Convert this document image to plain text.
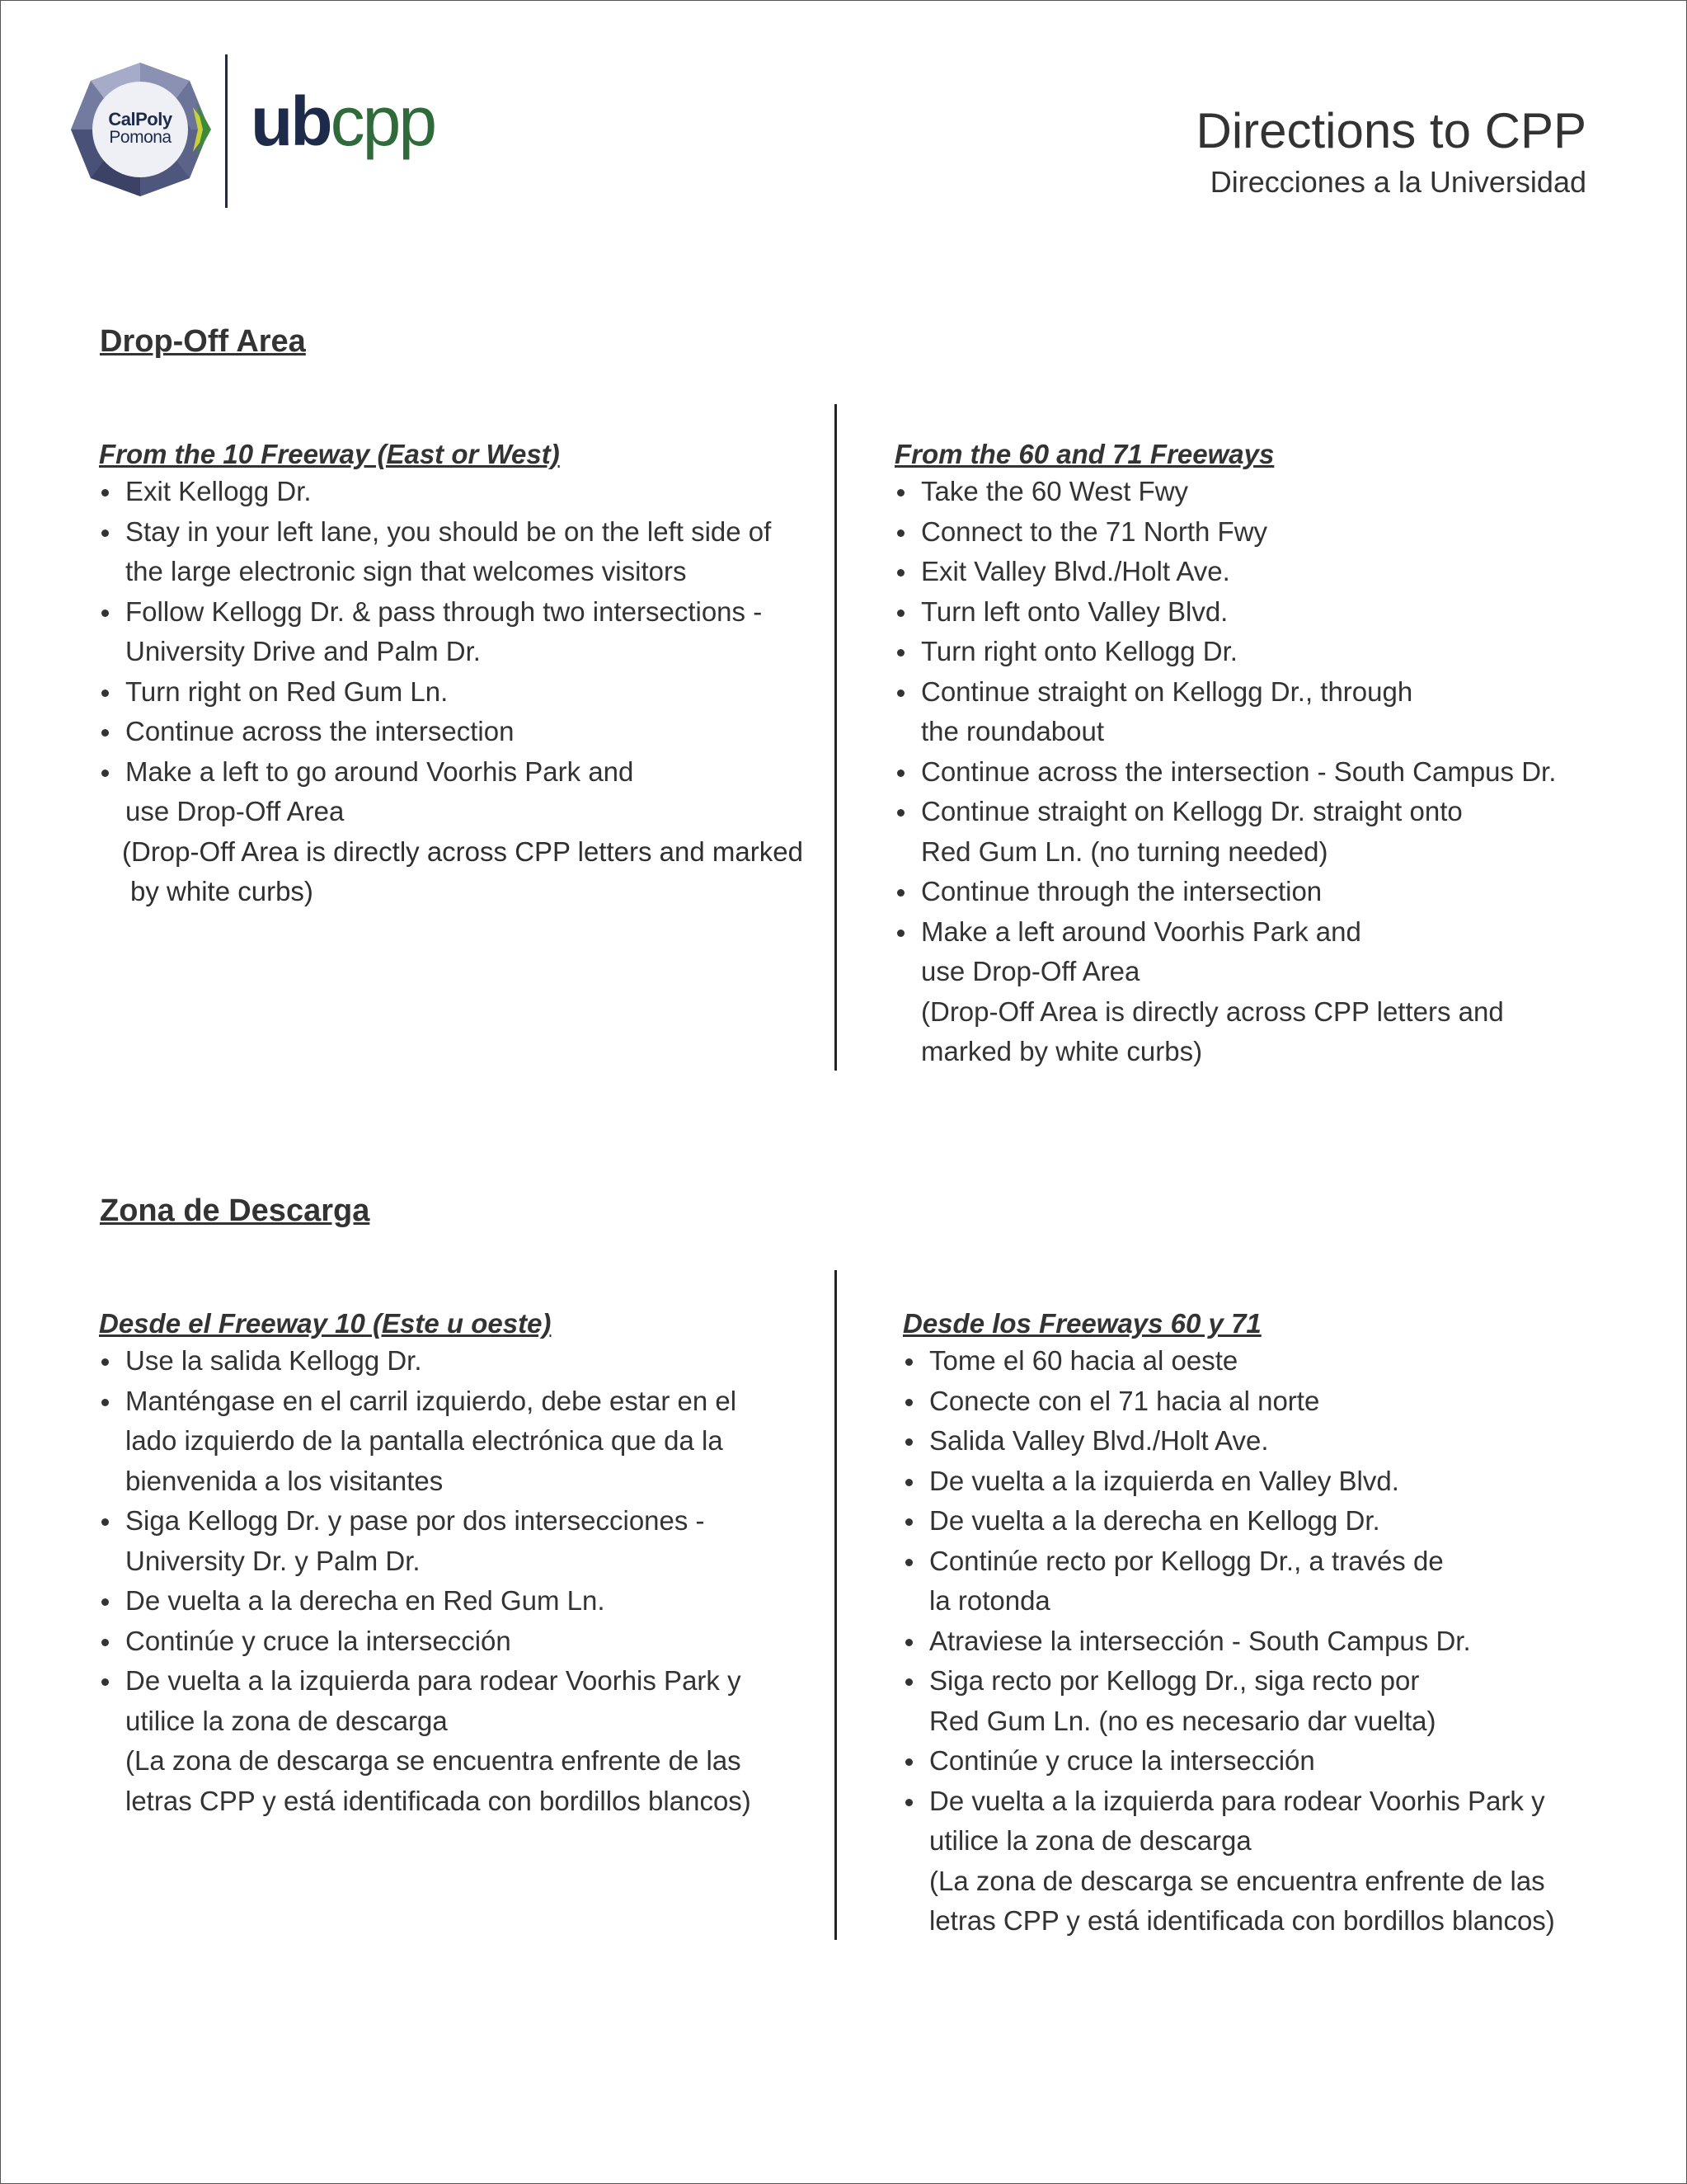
CalPoly
Pomona	ubcpp	Directions to CPP
Direcciones a la Universidad
Drop-Off Area

From the 10 Freeway (East or West)

Exit Kellogg Dr.
Stay in your left lane, you should be on the left side of
the large electronic sign that welcomes visitors
Follow Kellogg Dr. & pass through two intersections -
University Drive and Palm Dr.
Turn right on Red Gum Ln.
Continue across the intersection
Make a left to go around Voorhis Park and
use Drop-Off Area
(Drop-Off Area is directly across CPP letters and marked
by white curbs)

From the 60 and 71 Freeways

Take the 60 West Fwy
Connect to the 71 North Fwy
Exit Valley Blvd./Holt Ave.
Turn left onto Valley Blvd.
Turn right onto Kellogg Dr.
Continue straight on Kellogg Dr., through
the roundabout
Continue across the intersection - South Campus Dr.
Continue straight on Kellogg Dr. straight onto
Red Gum Ln. (no turning needed)
Continue through the intersection
Make a left around Voorhis Park and
use Drop-Off Area
(Drop-Off Area is directly across CPP letters and
marked by white curbs)
Zona de Descarga

Desde el Freeway 10 (Este u oeste)

Use la salida Kellogg Dr.
Manténgase en el carril izquierdo, debe estar en el
lado izquierdo de la pantalla electrónica que da la
bienvenida a los visitantes
Siga Kellogg Dr. y pase por dos intersecciones -
University Dr. y Palm Dr.
De vuelta a la derecha en Red Gum Ln.
Continúe y cruce la intersección
De vuelta a la izquierda para rodear Voorhis Park y
utilice la zona de descarga
(La zona de descarga se encuentra enfrente de las
letras CPP y está identificada con bordillos blancos)

Desde los Freeways 60 y 71

Tome el 60 hacia al oeste
Conecte con el 71 hacia al norte
Salida Valley Blvd./Holt Ave.
De vuelta a la izquierda en Valley Blvd.
De vuelta a la derecha en Kellogg Dr.
Continúe recto por Kellogg Dr., a través de
la rotonda
Atraviese la intersección - South Campus Dr.
Siga recto por Kellogg Dr., siga recto por
Red Gum Ln. (no es necesario dar vuelta)
Continúe y cruce la intersección
De vuelta a la izquierda para rodear Voorhis Park y
utilice la zona de descarga
(La zona de descarga se encuentra enfrente de las
letras CPP y está identificada con bordillos blancos)
